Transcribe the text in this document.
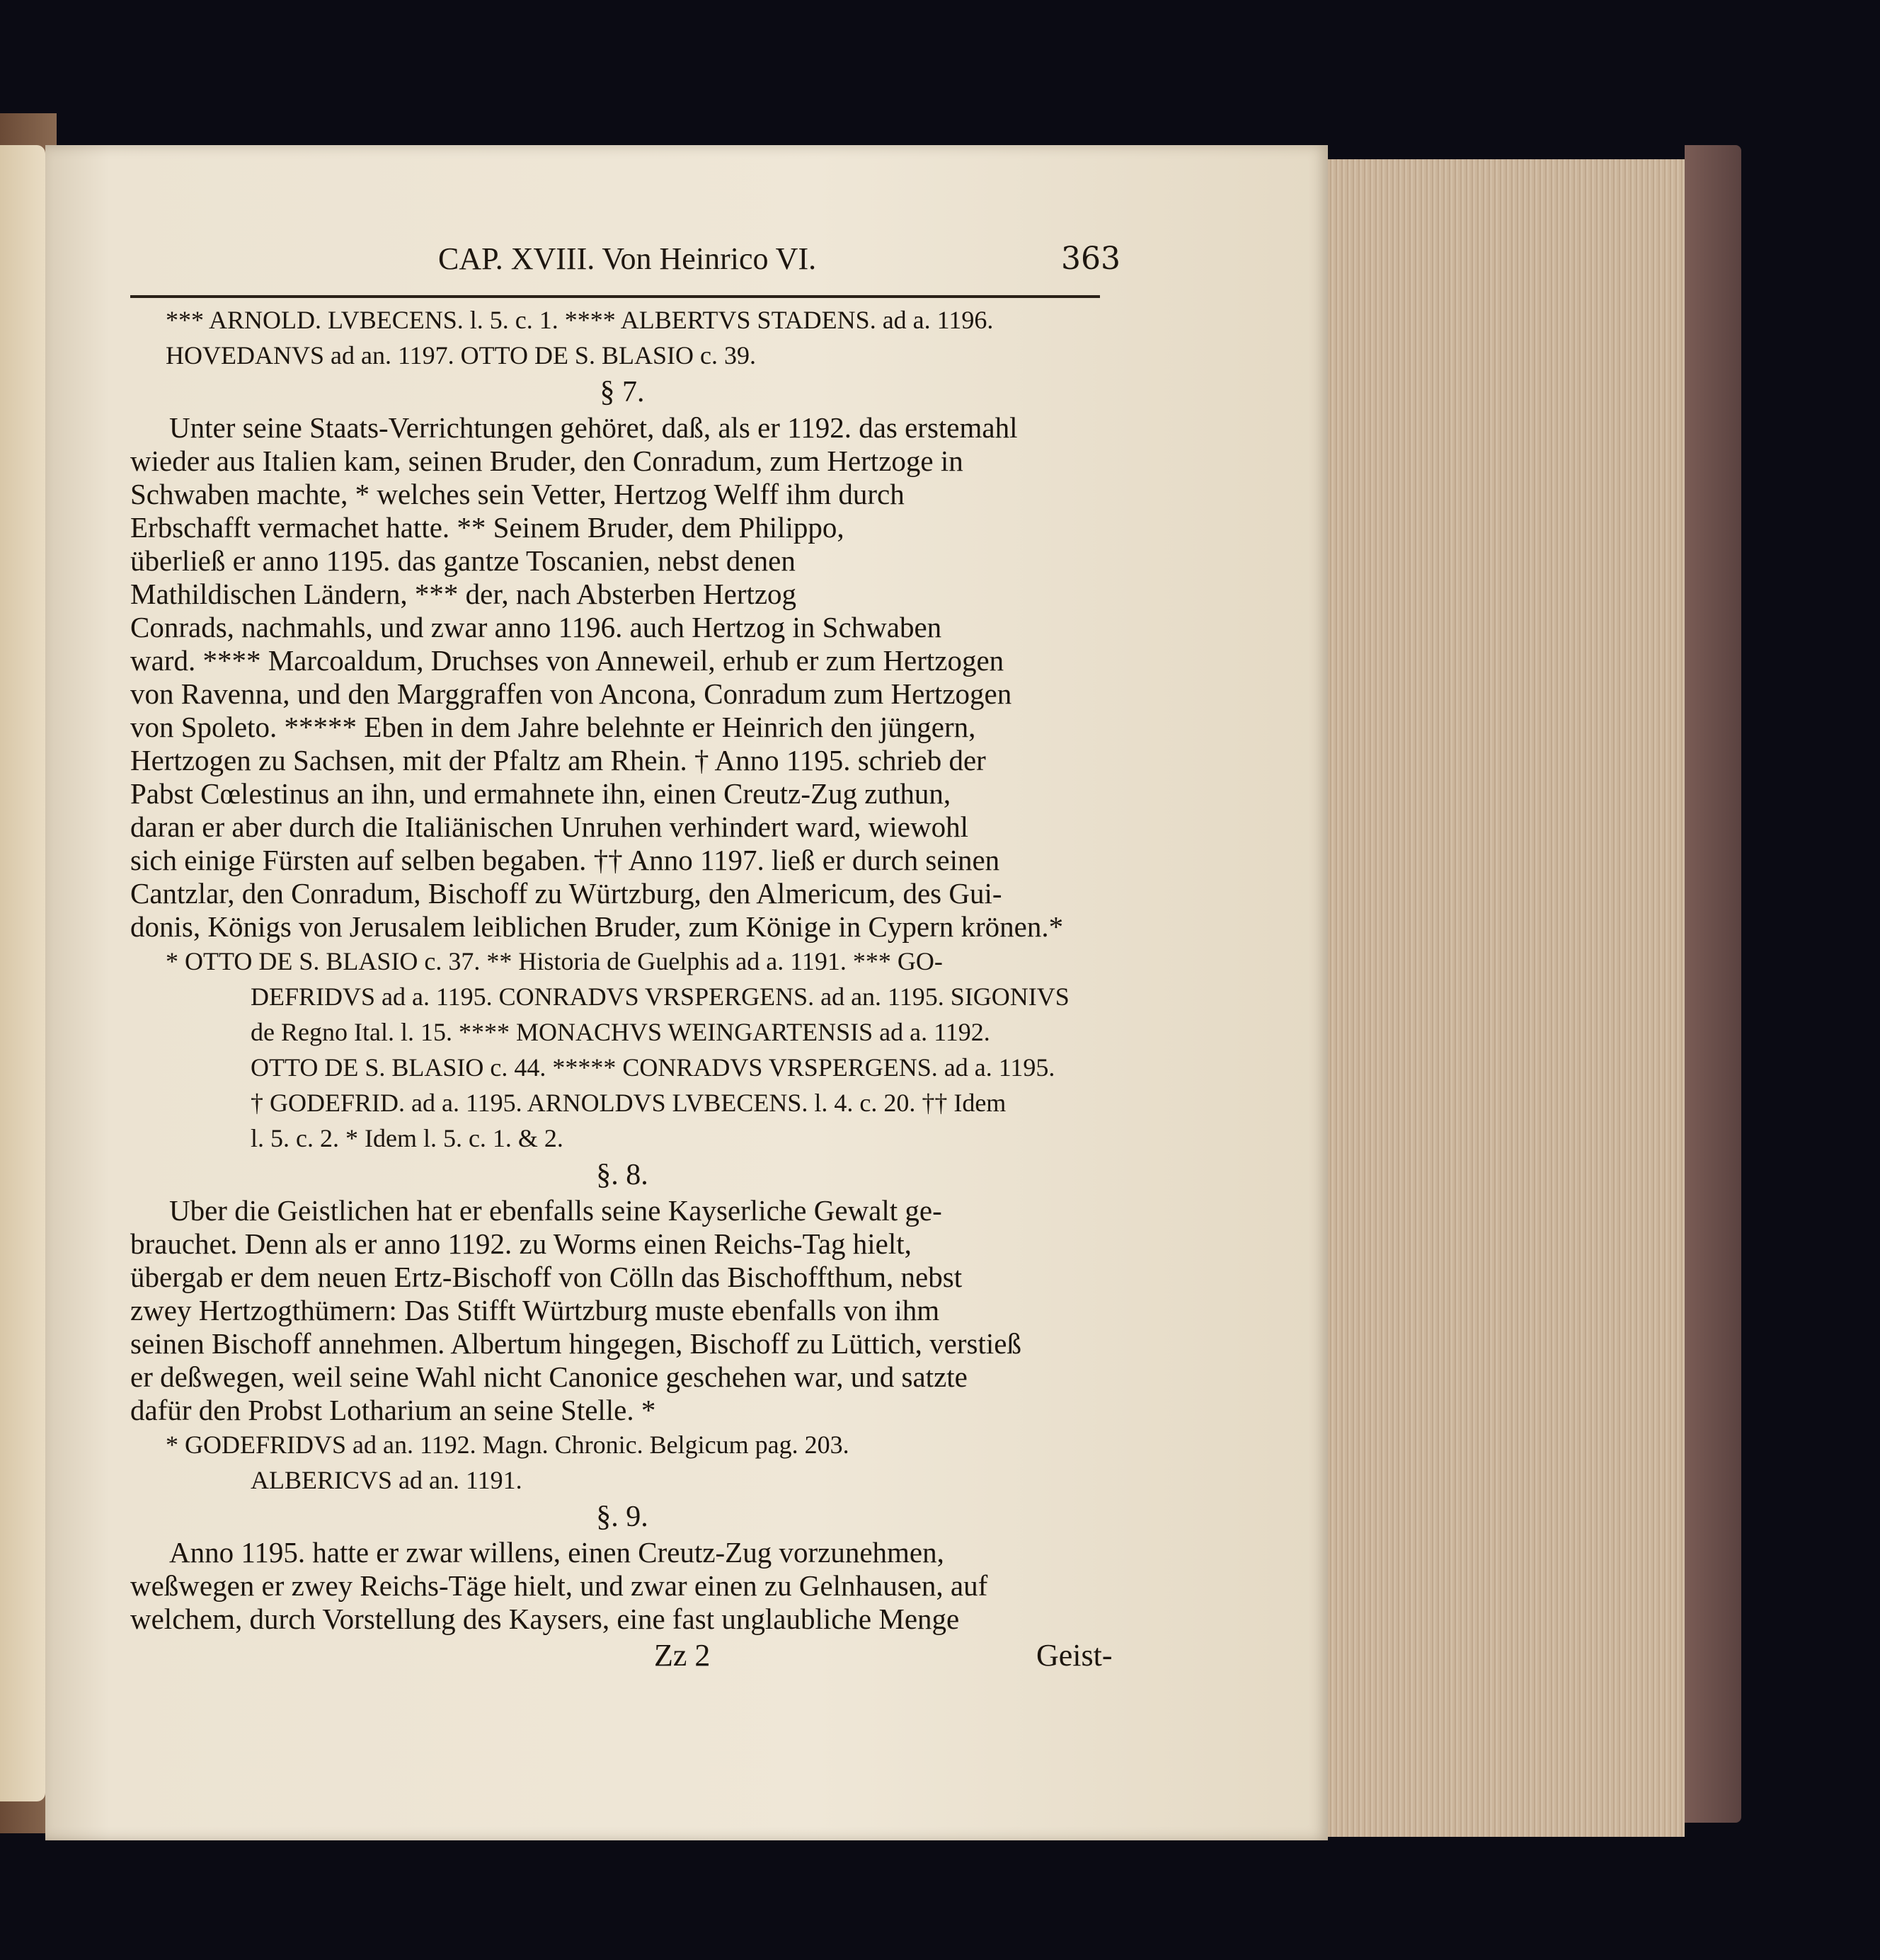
CAP. XVIII. Von Heinrico VI.	363
*** ARNOLD. LVBECENS. l. 5. c. 1. **** ALBERTVS STADENS. ad a. 1196.
HOVEDANVS ad an. 1197. OTTO DE S. BLASIO c. 39.
§ 7.
Unter seine Staats-Verrichtungen gehöret, daß, als er 1192. das erstemahl
wieder aus Italien kam, seinen Bruder, den Conradum, zum Hertzoge in
Schwaben machte, * welches sein Vetter, Hertzog Welff ihm durch
Erbschafft vermachet hatte. ** Seinem Bruder, dem Philippo,
überließ er anno 1195. das gantze Toscanien, nebst denen
Mathildischen Ländern, *** der, nach Absterben Hertzog
Conrads, nachmahls, und zwar anno 1196. auch Hertzog in Schwaben
ward. **** Marcoaldum, Druchses von Anneweil, erhub er zum Hertzogen
von Ravenna, und den Marggraffen von Ancona, Conradum zum Hertzogen
von Spoleto. ***** Eben in dem Jahre belehnte er Heinrich den jüngern,
Hertzogen zu Sachsen, mit der Pfaltz am Rhein. † Anno 1195. schrieb der
Pabst Cœlestinus an ihn, und ermahnete ihn, einen Creutz-Zug zuthun,
daran er aber durch die Italiänischen Unruhen verhindert ward, wiewohl
sich einige Fürsten auf selben begaben. †† Anno 1197. ließ er durch seinen
Cantzlar, den Conradum, Bischoff zu Würtzburg, den Almericum, des Gui-
donis, Königs von Jerusalem leiblichen Bruder, zum Könige in Cypern krönen.*
* OTTO DE S. BLASIO c. 37. ** Historia de Guelphis ad a. 1191. *** GO-
DEFRIDVS ad a. 1195. CONRADVS VRSPERGENS. ad an. 1195. SIGONIVS
de Regno Ital. l. 15. **** MONACHVS WEINGARTENSIS ad a. 1192.
OTTO DE S. BLASIO c. 44. ***** CONRADVS VRSPERGENS. ad a. 1195.
† GODEFRID. ad a. 1195. ARNOLDVS LVBECENS. l. 4. c. 20. †† Idem
l. 5. c. 2. * Idem l. 5. c. 1. & 2.
§. 8.
Uber die Geistlichen hat er ebenfalls seine Kayserliche Gewalt ge-
brauchet. Denn als er anno 1192. zu Worms einen Reichs-Tag hielt,
übergab er dem neuen Ertz-Bischoff von Cölln das Bischoffthum, nebst
zwey Hertzogthümern: Das Stifft Würtzburg muste ebenfalls von ihm
seinen Bischoff annehmen. Albertum hingegen, Bischoff zu Lüttich, verstieß
er deßwegen, weil seine Wahl nicht Canonice geschehen war, und satzte
dafür den Probst Lotharium an seine Stelle. *
* GODEFRIDVS ad an. 1192. Magn. Chronic. Belgicum pag. 203.
ALBERICVS ad an. 1191.
§. 9.
Anno 1195. hatte er zwar willens, einen Creutz-Zug vorzunehmen,
weßwegen er zwey Reichs-Täge hielt, und zwar einen zu Gelnhausen, auf
welchem, durch Vorstellung des Kaysers, eine fast unglaubliche Menge
Zz 2	Geist-
